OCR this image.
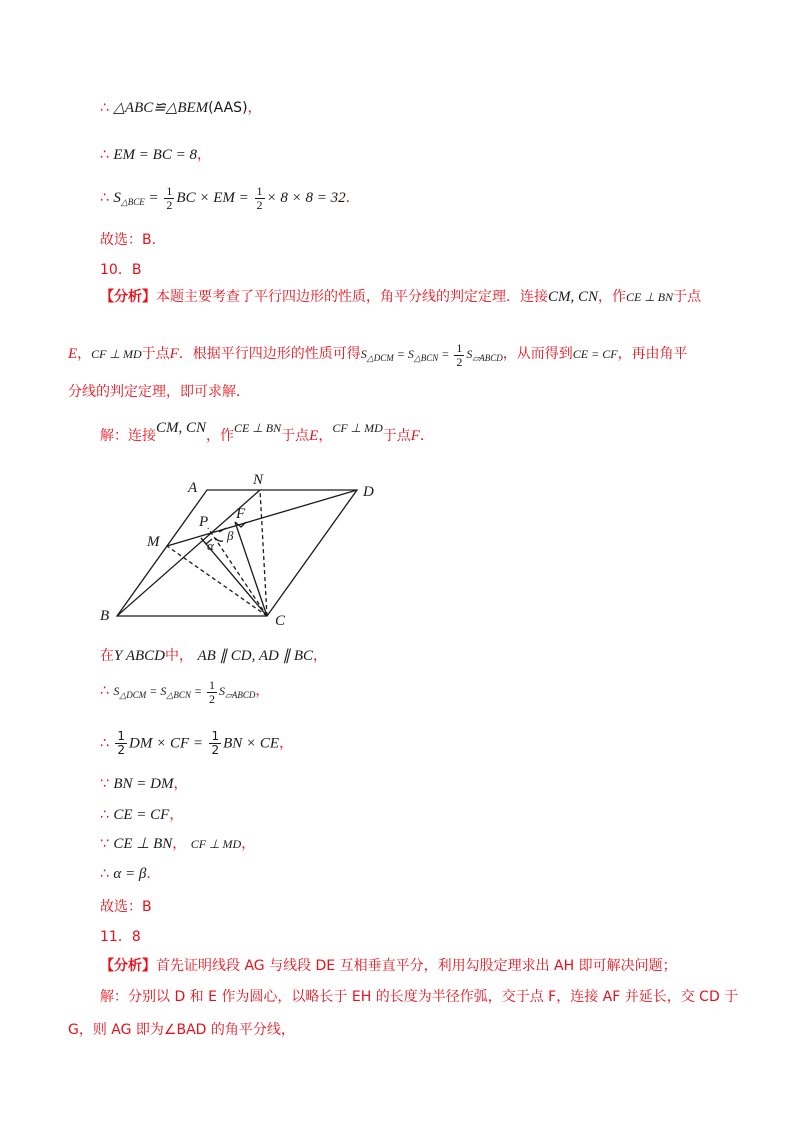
∴ △ABC≌△BEM(AAS)，
∴ EM = BC = 8，
∴ $S_{\triangle BCE} = \frac{1}{2}$ BC × EM = $\frac{1}{2} \times 8 \times 8 = 32$．
故选：B.
10．B
【分析】本题主要考查了平行四边形的性质，角平分线的判定定理．连接CM, CN，作CE ⊥ BN于点
E，CF ⊥ MD于点F．根据平行四边形的性质可得$S_{\triangle DCM} = S_{\triangle BCN} = \frac{1}{2} S_{▱ABCD}$，从而得到CE = CF，再由角平
分线的判定定理，即可求解．
解：连接CM, CN，作CE ⊥ BN于点E，CF ⊥ MD于点F．
A	N
D
M
P F
α
β
B	C
在Y ABCD中， AB ∥ CD, AD ∥ BC，
∴ $S_{\triangle DCM} = S_{\triangle BCN} = \frac{1}{2} S_{▱ABCD}$，
∴ $\frac{1}{2}$ DM × CF = $\frac{1}{2}$ BN × CE，
∵ BN = DM，
∴ CE = CF，
∵ CE ⊥ BN， CF ⊥ MD，
∴ α = β．
故选：B
11．8
【分析】首先证明线段 AG 与线段 DE 互相垂直平分，利用勾股定理求出 AH 即可解决问题；
解：分别以 D 和 E 作为圆心，以略长于 EH 的长度为半径作弧，交于点 F，连接 AF 并延长，交 CD 于
G，则 AG 即为∠BAD 的角平分线，
